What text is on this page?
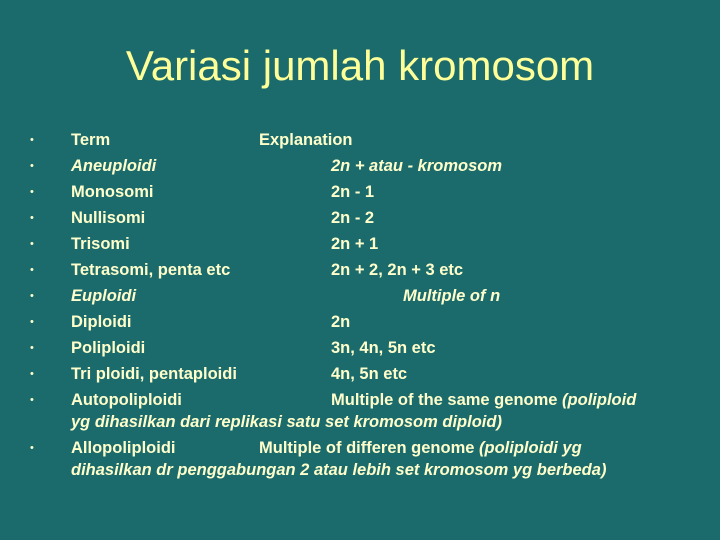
Variasi jumlah kromosom
• Term	Explanation
• Aneuploidi	2n + atau - kromosom
• Monosomi	2n - 1
• Nullisomi	2n - 2
• Trisomi	2n + 1
• Tetrasomi, penta etc	2n + 2, 2n + 3 etc
• Euploidi	Multiple of n
• Diploidi	2n
• Poliploidi	3n, 4n, 5n etc
• Tri ploidi, pentaploidi	4n, 5n etc
• Autopoliploidi	Multiple of the same genome (poliploid
yg dihasilkan dari replikasi satu set kromosom diploid)
• Allopoliploidi	Multiple of differen genome (poliploidi yg
dihasilkan dr penggabungan 2 atau lebih set kromosom yg berbeda)
